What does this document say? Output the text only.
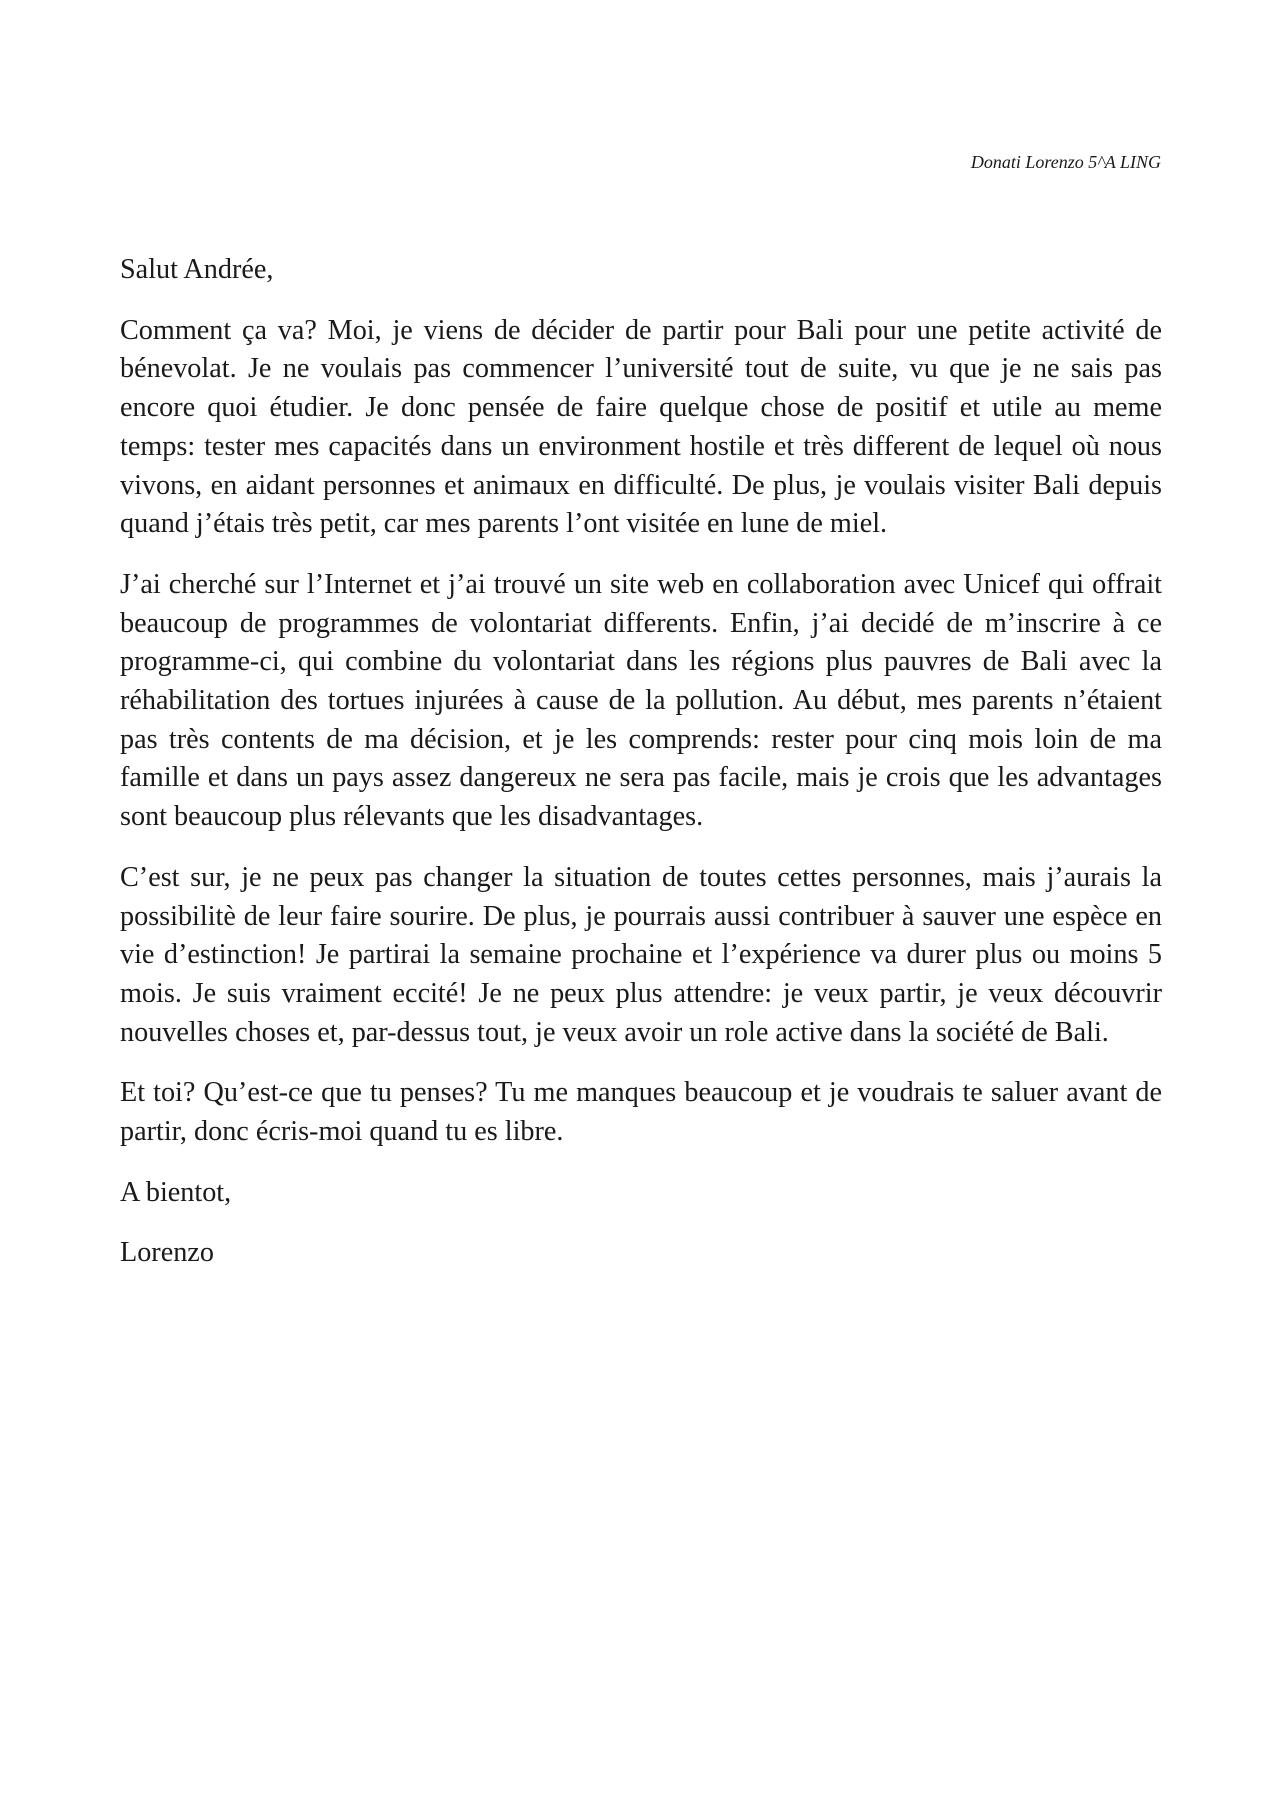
Donati Lorenzo 5^A LING

Salut Andrée,

Comment ça va? Moi, je viens de décider de partir pour Bali pour une petite activité de bénevolat. Je ne voulais pas commencer l’université tout de suite, vu que je ne sais pas encore quoi étudier. Je donc pensée de faire quelque chose de positif et utile au meme temps: tester mes capacités dans un environment hostile et très different de lequel où nous vivons, en aidant personnes et animaux en difficulté. De plus, je voulais visiter Bali depuis quand j’étais très petit, car mes parents l’ont visitée en lune de miel.

J’ai cherché sur l’Internet et j’ai trouvé un site web en collaboration avec Unicef qui offrait beaucoup de programmes de volontariat differents. Enfin, j’ai decidé de m’inscrire à ce programme-ci, qui combine du volontariat dans les régions plus pauvres de Bali avec la réhabilitation des tortues injurées à cause de la pollution. Au début, mes parents n’étaient pas très contents de ma décision, et je les comprends: rester pour cinq mois loin de ma famille et dans un pays assez dangereux ne sera pas facile, mais je crois que les advantages sont beaucoup plus rélevants que les disadvantages.

C’est sur, je ne peux pas changer la situation de toutes cettes personnes, mais j’aurais la possibilitè de leur faire sourire. De plus, je pourrais aussi contribuer à sauver une espèce en vie d’estinction! Je partirai la semaine prochaine et l’expérience va durer plus ou moins 5 mois. Je suis vraiment eccité! Je ne peux plus attendre: je veux partir, je veux découvrir nouvelles choses et, par-dessus tout, je veux avoir un role active dans la société de Bali.

Et toi? Qu’est-ce que tu penses? Tu me manques beaucoup et je voudrais te saluer avant de partir, donc écris-moi quand tu es libre.

A bientot,

Lorenzo
